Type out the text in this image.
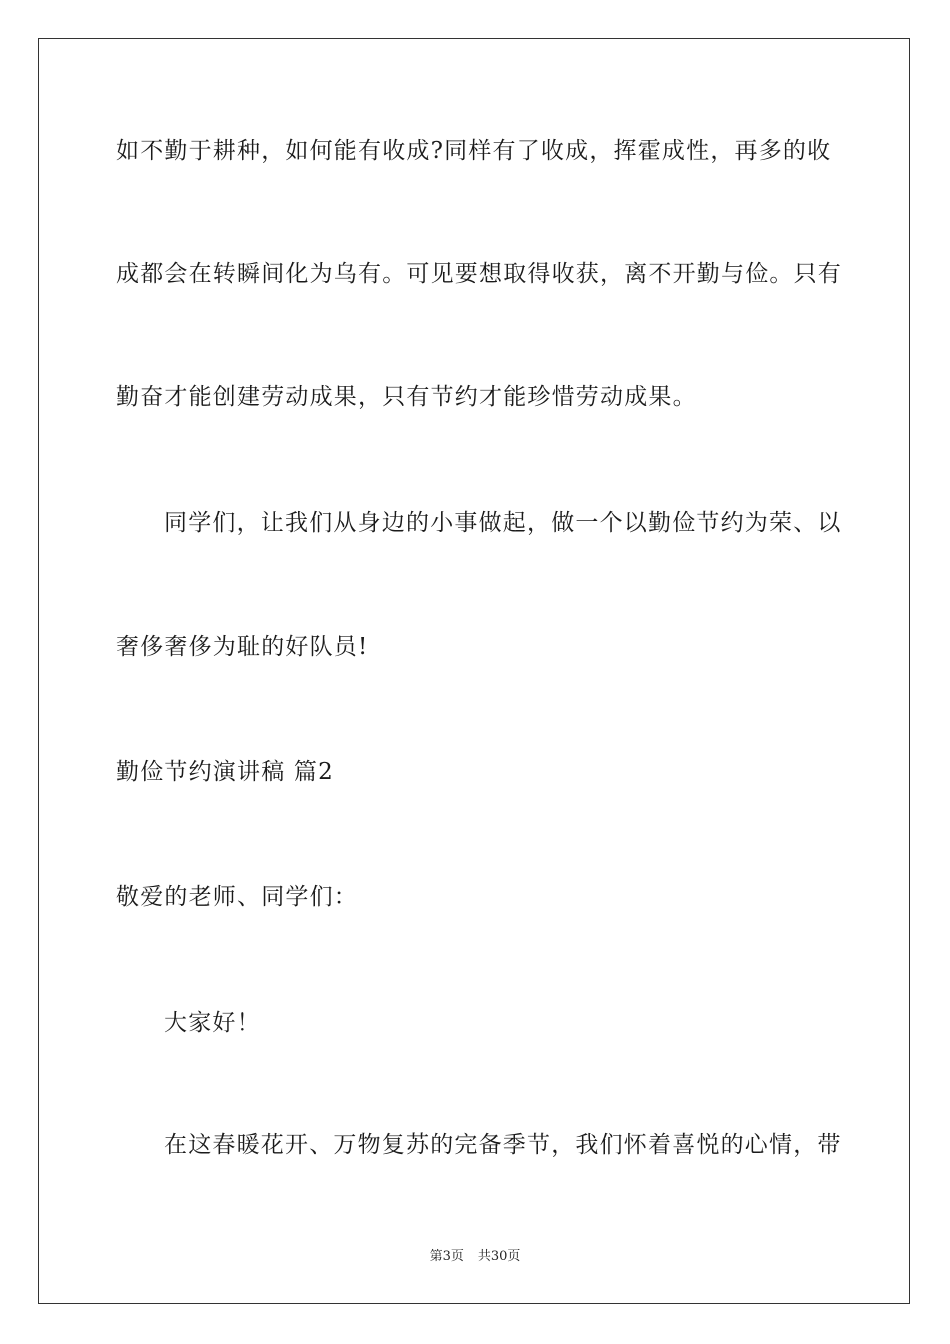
如不勤于耕种，如何能有收成?同样有了收成，挥霍成性，再多的收
成都会在转瞬间化为乌有。可见要想取得收获，离不开勤与俭。只有
勤奋才能创建劳动成果，只有节约才能珍惜劳动成果。
同学们，让我们从身边的小事做起，做一个以勤俭节约为荣、以
奢侈奢侈为耻的好队员!
勤俭节约演讲稿 篇2
敬爱的老师、同学们：
大家好！
在这春暖花开、万物复苏的完备季节，我们怀着喜悦的心情，带
第3页 共30页
